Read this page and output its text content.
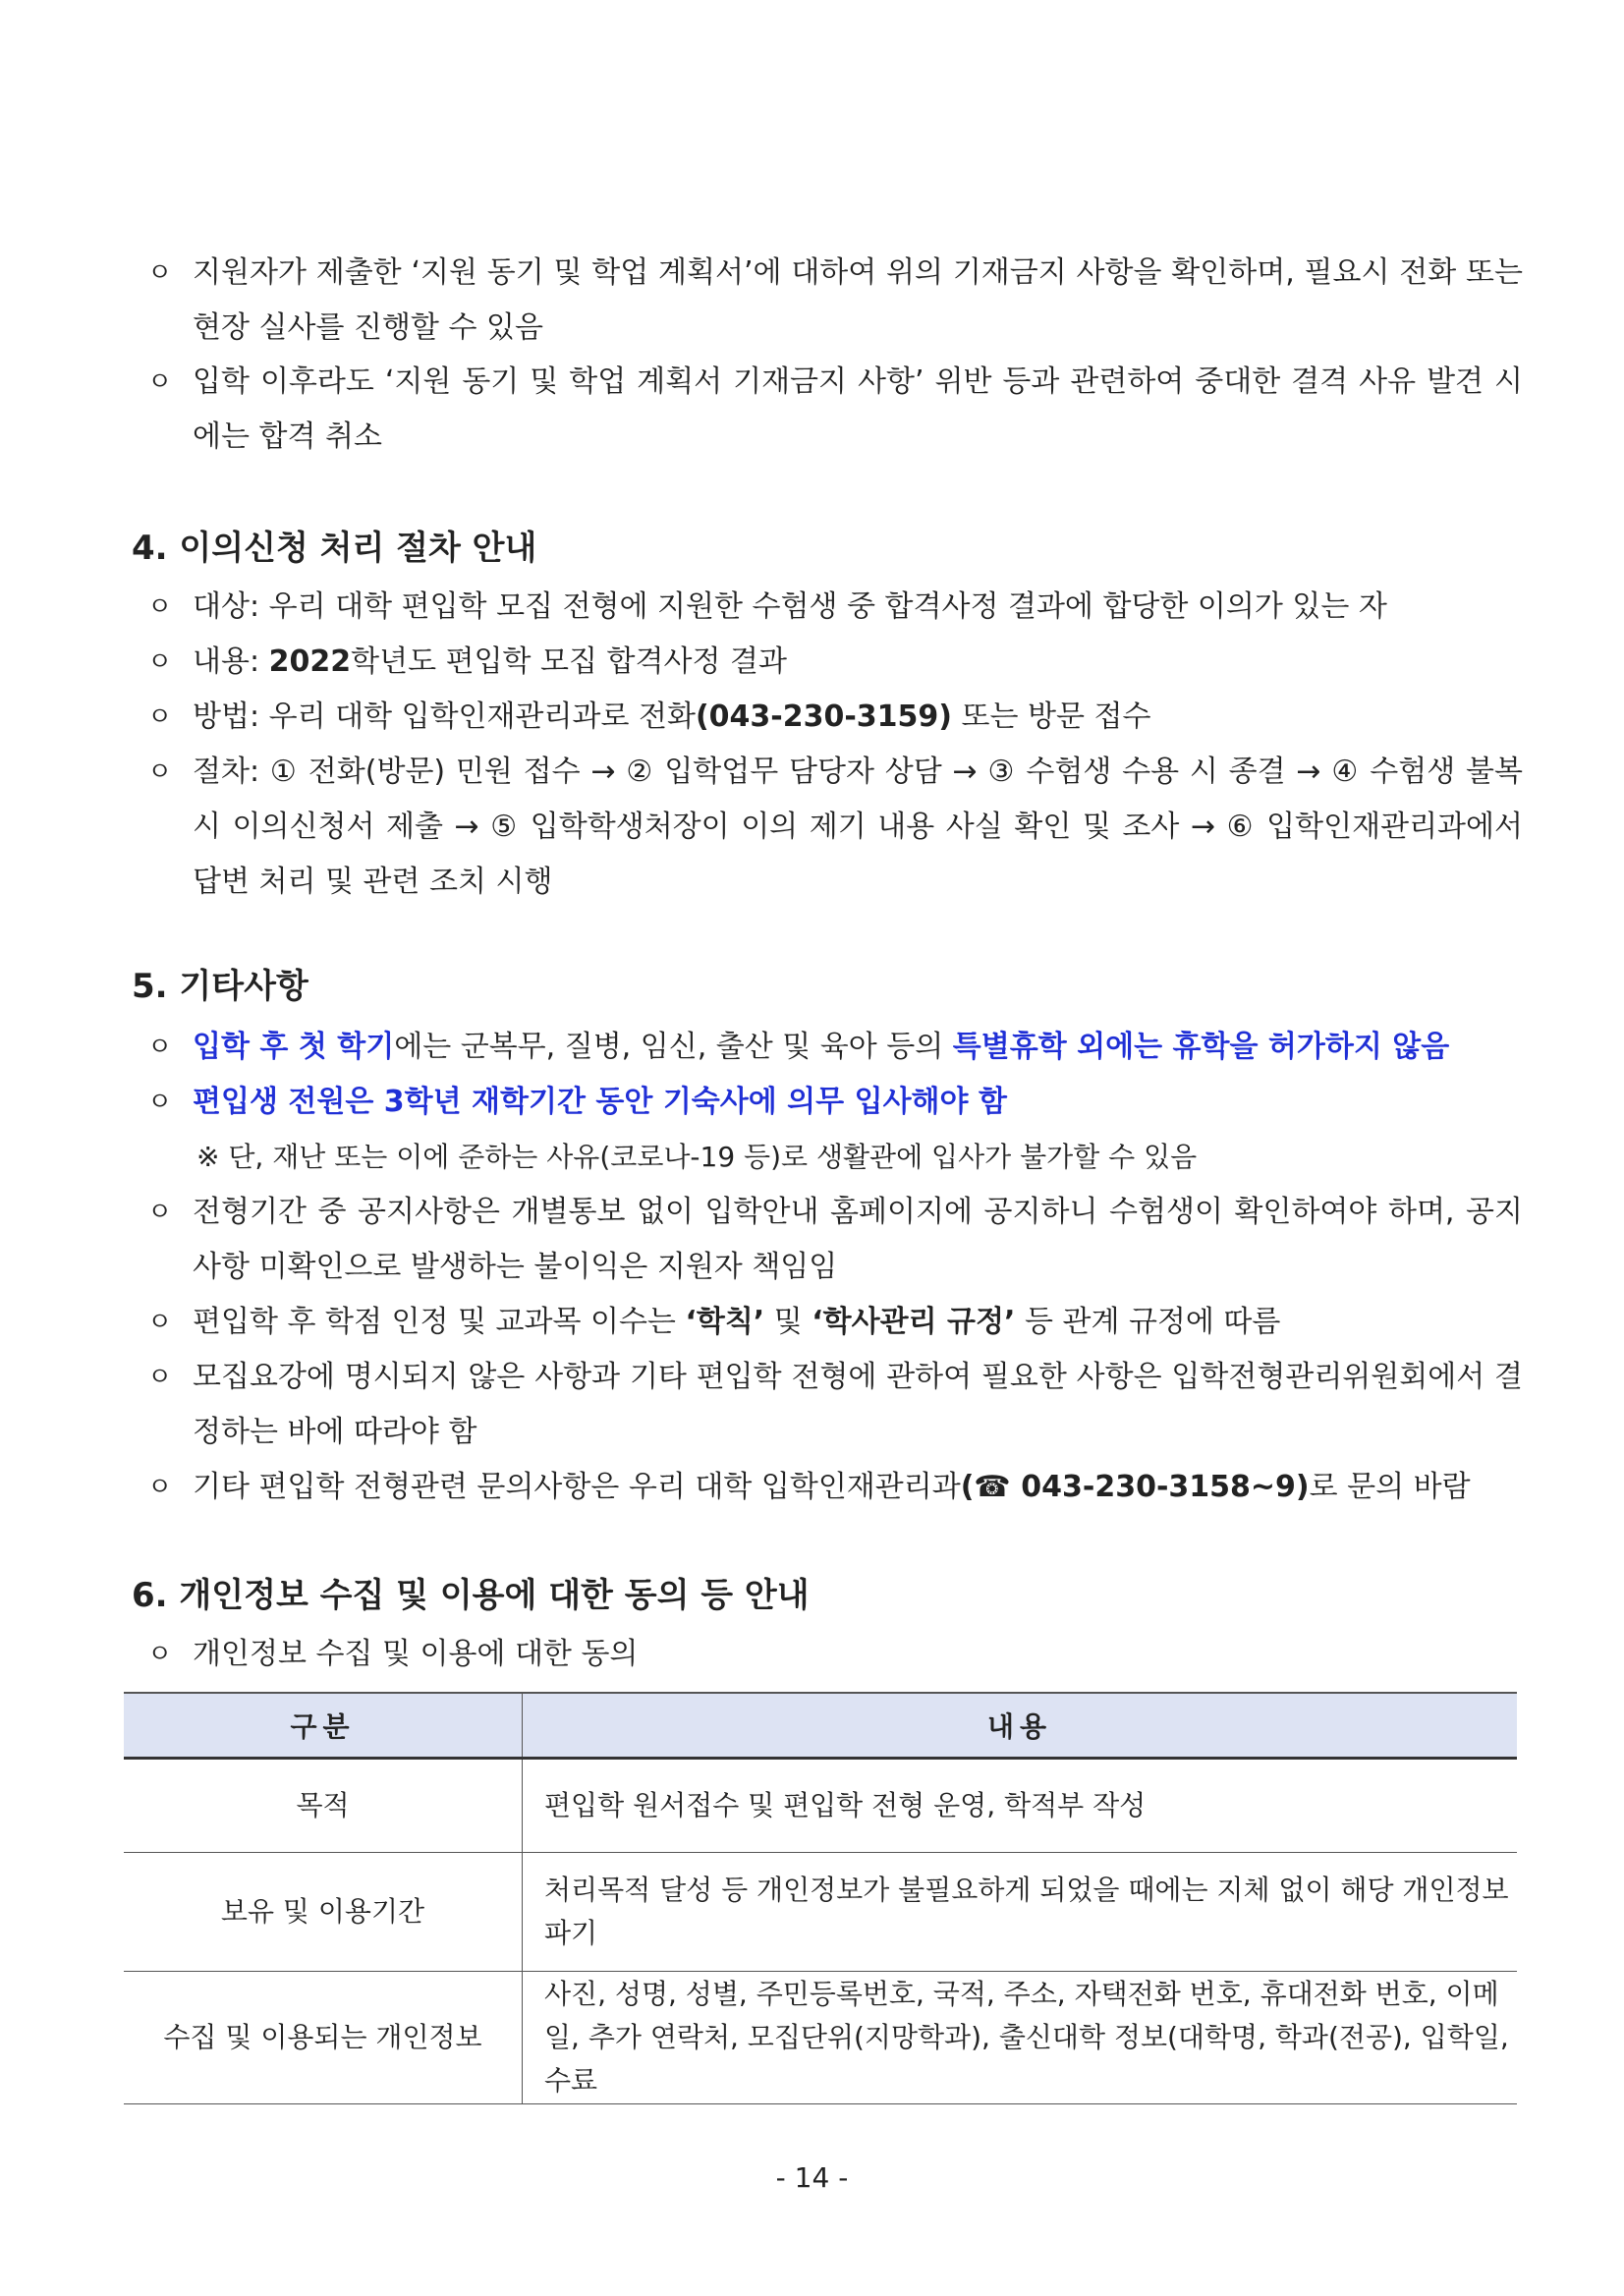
ㅇ 지원자가 제출한 ‘지원 동기 및 학업 계획서’에 대하여 위의 기재금지 사항을 확인하며, 필요시 전화 또는 현장 실사를 진행할 수 있음
ㅇ 입학 이후라도 ‘지원 동기 및 학업 계획서 기재금지 사항’ 위반 등과 관련하여 중대한 결격 사유 발견 시에는 합격 취소
4. 이의신청 처리 절차 안내
ㅇ 대상: 우리 대학 편입학 모집 전형에 지원한 수험생 중 합격사정 결과에 합당한 이의가 있는 자
ㅇ 내용: 2022학년도 편입학 모집 합격사정 결과
ㅇ 방법: 우리 대학 입학인재관리과로 전화(043-230-3159) 또는 방문 접수
ㅇ 절차: ① 전화(방문) 민원 접수 → ② 입학업무 담당자 상담 → ③ 수험생 수용 시 종결 → ④ 수험생 불복 시 이의신청서 제출 → ⑤ 입학학생처장이 이의 제기 내용 사실 확인 및 조사 → ⑥ 입학인재관리과에서 답변 처리 및 관련 조치 시행
5. 기타사항
ㅇ 입학 후 첫 학기에는 군복무, 질병, 임신, 출산 및 육아 등의 특별휴학 외에는 휴학을 허가하지 않음
ㅇ 편입생 전원은 3학년 재학기간 동안 기숙사에 의무 입사해야 함
※ 단, 재난 또는 이에 준하는 사유(코로나-19 등)로 생활관에 입사가 불가할 수 있음
ㅇ 전형기간 중 공지사항은 개별통보 없이 입학안내 홈페이지에 공지하니 수험생이 확인하여야 하며, 공지사항 미확인으로 발생하는 불이익은 지원자 책임임
ㅇ 편입학 후 학점 인정 및 교과목 이수는 ‘학칙’ 및 ‘학사관리 규정’ 등 관계 규정에 따름
ㅇ 모집요강에 명시되지 않은 사항과 기타 편입학 전형에 관하여 필요한 사항은 입학전형관리위원회에서 결정하는 바에 따라야 함
ㅇ 기타 편입학 전형관련 문의사항은 우리 대학 입학인재관리과(☎ 043-230-3158~9)로 문의 바람
6. 개인정보 수집 및 이용에 대한 동의 등 안내
ㅇ 개인정보 수집 및 이용에 대한 동의
구분	내용
목적	편입학 원서접수 및 편입학 전형 운영, 학적부 작성
보유 및 이용기간	처리목적 달성 등 개인정보가 불필요하게 되었을 때에는 지체 없이 해당 개인정보 파기
수집 및 이용되는 개인정보	사진, 성명, 성별, 주민등록번호, 국적, 주소, 자택전화 번호, 휴대전화 번호, 이메일, 추가 연락처, 모집단위(지망학과), 출신대학 정보(대학명, 학과(전공), 입학일, 수료
- 14 -
